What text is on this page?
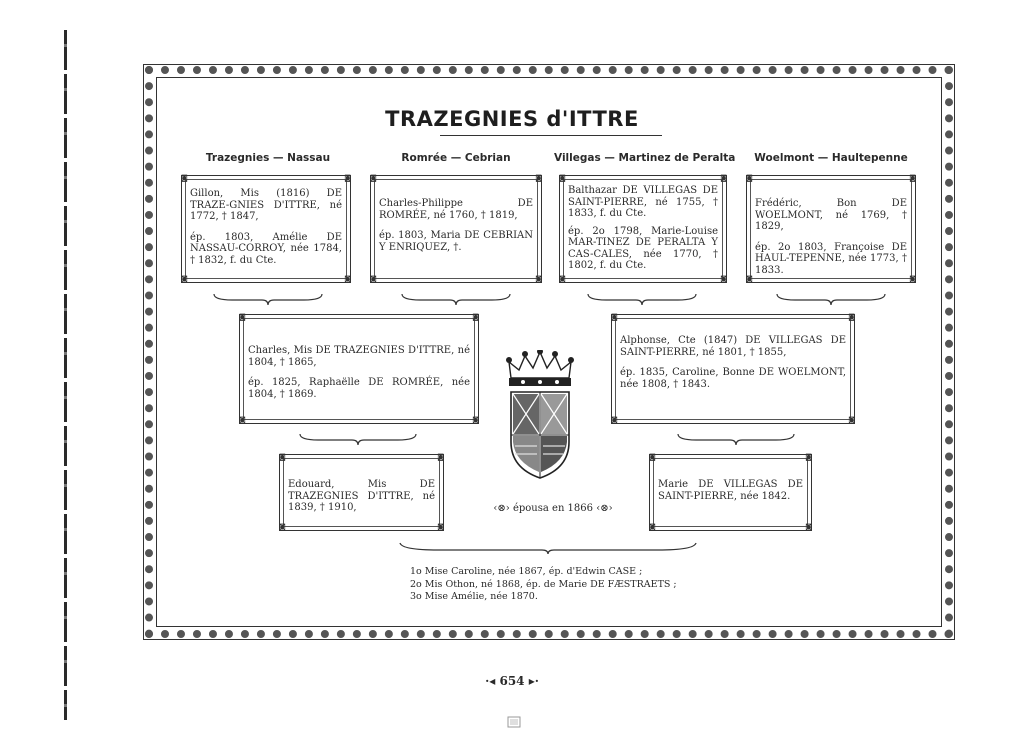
TRAZEGNIES d'ITTRE
Trazegnies — Nassau	Romrée — Cebrian	Villegas — Martinez de Peralta Woelmont — Haultepenne
◙	◙
◙	◙

Gillon, Mis (1816) DE TRAZE-GNIES D'ITTRE, né 1772, † 1847,

ép. 1803, Amélie DE NASSAU-CORROY, née 1784, † 1832, f. du Cte.

◙	◙
◙	◙

Charles-Philippe DE ROMRÉE, né 1760, † 1819,

ép. 1803, Maria DE CEBRIAN Y ENRIQUEZ, †.

◙	◙
◙	◙

Balthazar DE VILLEGAS DE SAINT-PIERRE, né 1755, † 1833, f. du Cte.

ép. 2o 1798, Marie-Louise MAR-TINEZ DE PERALTA Y CAS-CALES, née 1770, † 1802, f. du Cte.

◙	◙
◙	◙

Frédéric, Bon DE WOELMONT, né 1769, † 1829,

ép. 2o 1803, Françoise DE HAUL-TEPENNE, née 1773, † 1833.

◙	◙
◙	◙

Charles, Mis DE TRAZEGNIES D'ITTRE, né 1804, † 1865,

ép. 1825, Raphaëlle DE ROMRÉE, née 1804, † 1869.

◙	◙
◙	◙

Alphonse, Cte (1847) DE VILLEGAS DE SAINT-PIERRE, né 1801, † 1855,

ép. 1835, Caroline, Bonne DE WOELMONT, née 1808, † 1843.

◙	◙
◙	◙
Edouard, Mis DE TRAZEGNIES D'ITTRE, né 1839, † 1910,
◙	◙
◙	◙
Marie DE VILLEGAS DE SAINT-PIERRE, née 1842.
‹⊗› épousa en 1866 ‹⊗›
1o Mise Caroline, née 1867, ép. d'Edwin CASE ;
2o Mis Othon, né 1868, ép. de Marie DE FÆSTRAETS ;
3o Mise Amélie, née 1870.
·◂ 654 ▸·
